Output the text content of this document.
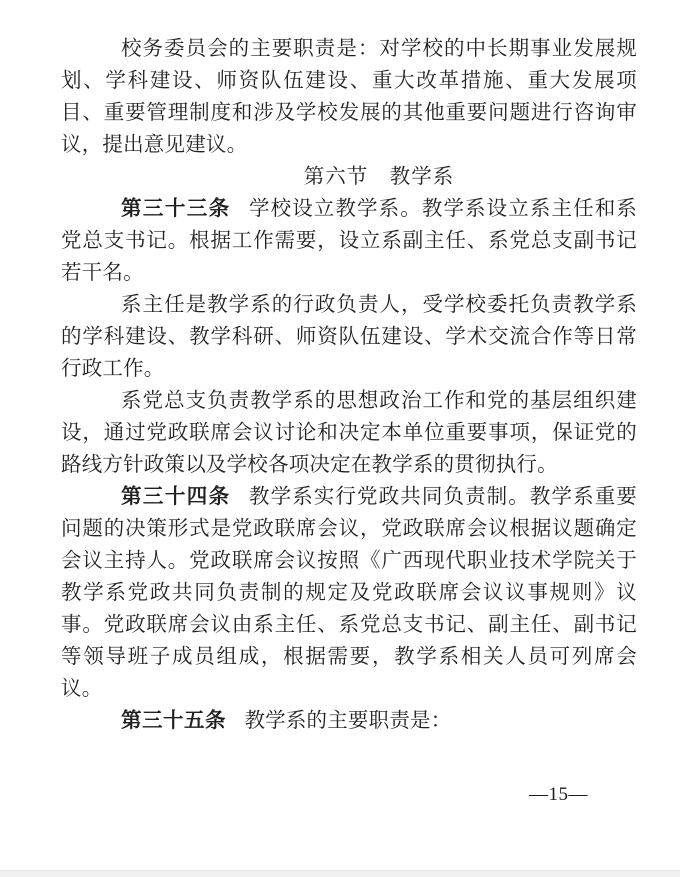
校务委员会的主要职责是：对学校的中长期事业发展规划、学科建设、师资队伍建设、重大改革措施、重大发展项目、重要管理制度和涉及学校发展的其他重要问题进行咨询审议，提出意见建议。

第六节　教学系

第三十三条 学校设立教学系。教学系设立系主任和系党总支书记。根据工作需要，设立系副主任、系党总支副书记若干名。

系主任是教学系的行政负责人，受学校委托负责教学系的学科建设、教学科研、师资队伍建设、学术交流合作等日常行政工作。

系党总支负责教学系的思想政治工作和党的基层组织建设，通过党政联席会议讨论和决定本单位重要事项，保证党的路线方针政策以及学校各项决定在教学系的贯彻执行。

第三十四条 教学系实行党政共同负责制。教学系重要问题的决策形式是党政联席会议，党政联席会议根据议题确定会议主持人。党政联席会议按照《广西现代职业技术学院关于教学系党政共同负责制的规定及党政联席会议议事规则》议事。党政联席会议由系主任、系党总支书记、副主任、副书记等领导班子成员组成，根据需要，教学系相关人员可列席会议。

第三十五条 教学系的主要职责是：

—15—
